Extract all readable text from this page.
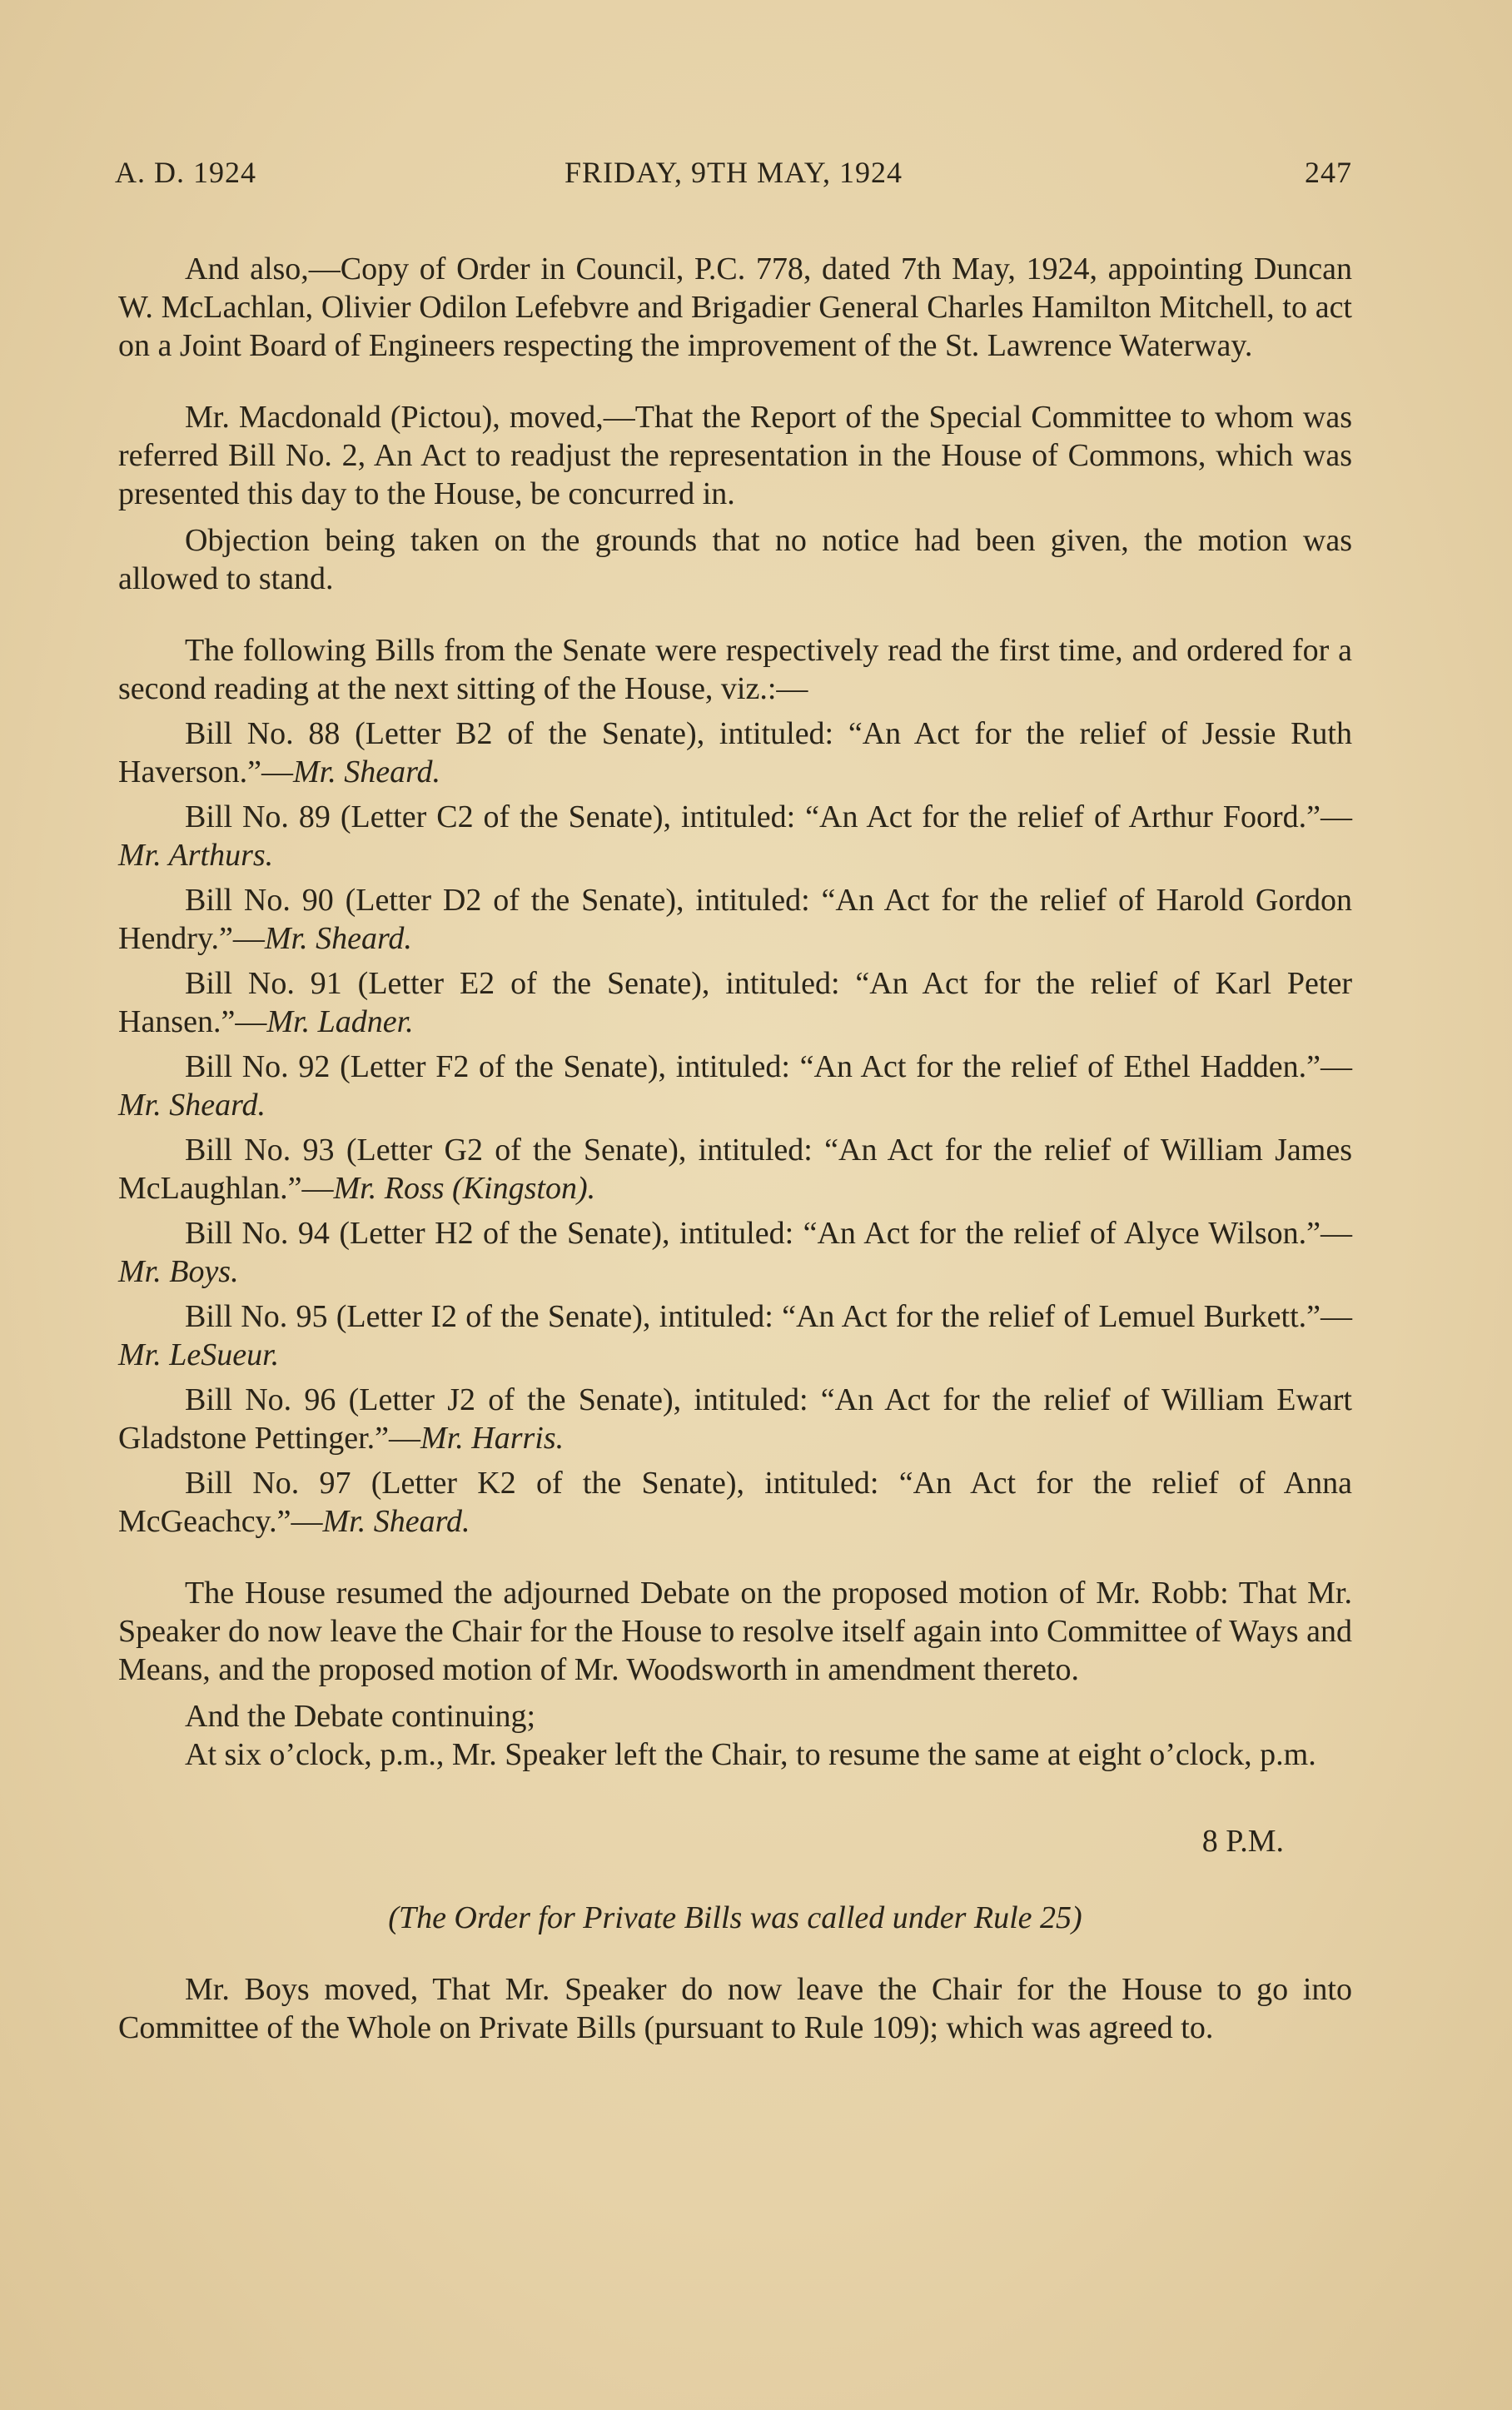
A. D. 1924	FRIDAY, 9TH MAY, 1924	247

And also,—Copy of Order in Council, P.C. 778, dated 7th May, 1924, appointing Duncan W. McLachlan, Olivier Odilon Lefebvre and Brigadier General Charles Hamilton Mitchell, to act on a Joint Board of Engineers respecting the improvement of the St. Lawrence Waterway.

Mr. Macdonald (Pictou), moved,—That the Report of the Special Committee to whom was referred Bill No. 2, An Act to readjust the representation in the House of Commons, which was presented this day to the House, be concurred in.

Objection being taken on the grounds that no notice had been given, the motion was allowed to stand.

The following Bills from the Senate were respectively read the first time, and ordered for a second reading at the next sitting of the House, viz.:—

Bill No. 88 (Letter B2 of the Senate), intituled: “An Act for the relief of Jessie Ruth Haverson.”—Mr. Sheard.

Bill No. 89 (Letter C2 of the Senate), intituled: “An Act for the relief of Arthur Foord.”—Mr. Arthurs.

Bill No. 90 (Letter D2 of the Senate), intituled: “An Act for the relief of Harold Gordon Hendry.”—Mr. Sheard.

Bill No. 91 (Letter E2 of the Senate), intituled: “An Act for the relief of Karl Peter Hansen.”—Mr. Ladner.

Bill No. 92 (Letter F2 of the Senate), intituled: “An Act for the relief of Ethel Hadden.”—Mr. Sheard.

Bill No. 93 (Letter G2 of the Senate), intituled: “An Act for the relief of William James McLaughlan.”—Mr. Ross (Kingston).

Bill No. 94 (Letter H2 of the Senate), intituled: “An Act for the relief of Alyce Wilson.”—Mr. Boys.

Bill No. 95 (Letter I2 of the Senate), intituled: “An Act for the relief of Lemuel Burkett.”—Mr. LeSueur.

Bill No. 96 (Letter J2 of the Senate), intituled: “An Act for the relief of William Ewart Gladstone Pettinger.”—Mr. Harris.

Bill No. 97 (Letter K2 of the Senate), intituled: “An Act for the relief of Anna McGeachcy.”—Mr. Sheard.

The House resumed the adjourned Debate on the proposed motion of Mr. Robb: That Mr. Speaker do now leave the Chair for the House to resolve itself again into Committee of Ways and Means, and the proposed motion of Mr. Woodsworth in amendment thereto.

And the Debate continuing;

At six o’clock, p.m., Mr. Speaker left the Chair, to resume the same at eight o’clock, p.m.

8 P.M.

(The Order for Private Bills was called under Rule 25)

Mr. Boys moved, That Mr. Speaker do now leave the Chair for the House to go into Committee of the Whole on Private Bills (pursuant to Rule 109); which was agreed to.
